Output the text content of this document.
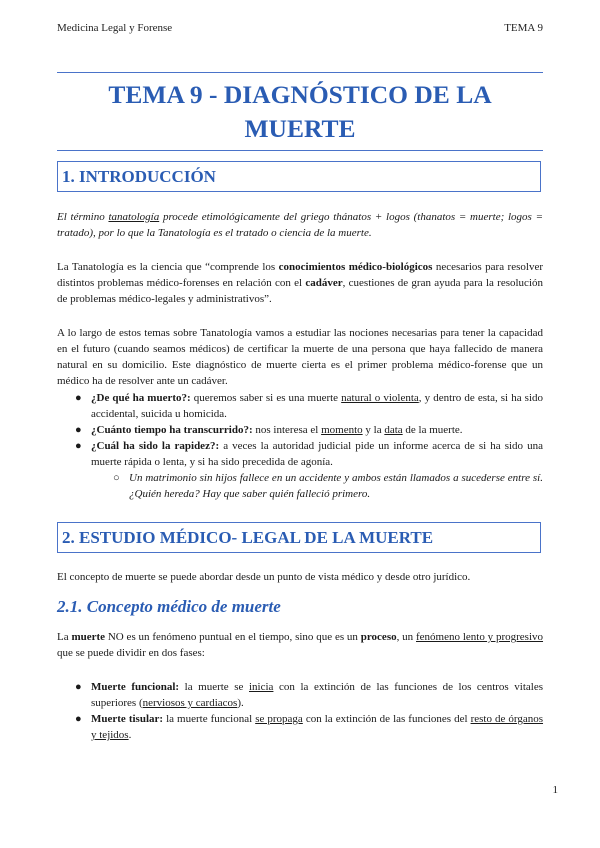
Medicina Legal y Forense	TEMA 9
TEMA 9 - DIAGNÓSTICO DE LA
MUERTE
1. INTRODUCCIÓN

El término tanatología procede etimológicamente del griego thánatos + logos (thanatos = muerte; logos = tratado), por lo que la Tanatología es el tratado o ciencia de la muerte.

La Tanatología es la ciencia que “comprende los conocimientos médico-biológicos necesarios para resolver distintos problemas médico-forenses en relación con el cadáver, cuestiones de gran ayuda para la resolución de problemas médico-legales y administrativos”.

A lo largo de estos temas sobre Tanatología vamos a estudiar las nociones necesarias para tener la capacidad en el futuro (cuando seamos médicos) de certificar la muerte de una persona que haya fallecido de manera natural en su domicilio. Este diagnóstico de muerte cierta es el primer problema médico-forense que un médico ha de resolver ante un cadáver.

● ¿De qué ha muerto?: queremos saber si es una muerte natural o violenta, y dentro de esta, si ha sido accidental, suicida u homicida.
● ¿Cuánto tiempo ha transcurrido?: nos interesa el momento y la data de la muerte.
● ¿Cuál ha sido la rapidez?: a veces la autoridad judicial pide un informe acerca de si ha sido una muerte rápida o lenta, y si ha sido precedida de agonía.
○ Un matrimonio sin hijos fallece en un accidente y ambos están llamados a sucederse entre sí. ¿Quién hereda? Hay que saber quién falleció primero.
2. ESTUDIO MÉDICO- LEGAL DE LA MUERTE

El concepto de muerte se puede abordar desde un punto de vista médico y desde otro jurídico.

2.1. Concepto médico de muerte

La muerte NO es un fenómeno puntual en el tiempo, sino que es un proceso, un fenómeno lento y progresivo que se puede dividir en dos fases:

● Muerte funcional: la muerte se inicia con la extinción de las funciones de los centros vitales superiores (nerviosos y cardiacos).
● Muerte tisular: la muerte funcional se propaga con la extinción de las funciones del resto de órganos y tejidos.
1
